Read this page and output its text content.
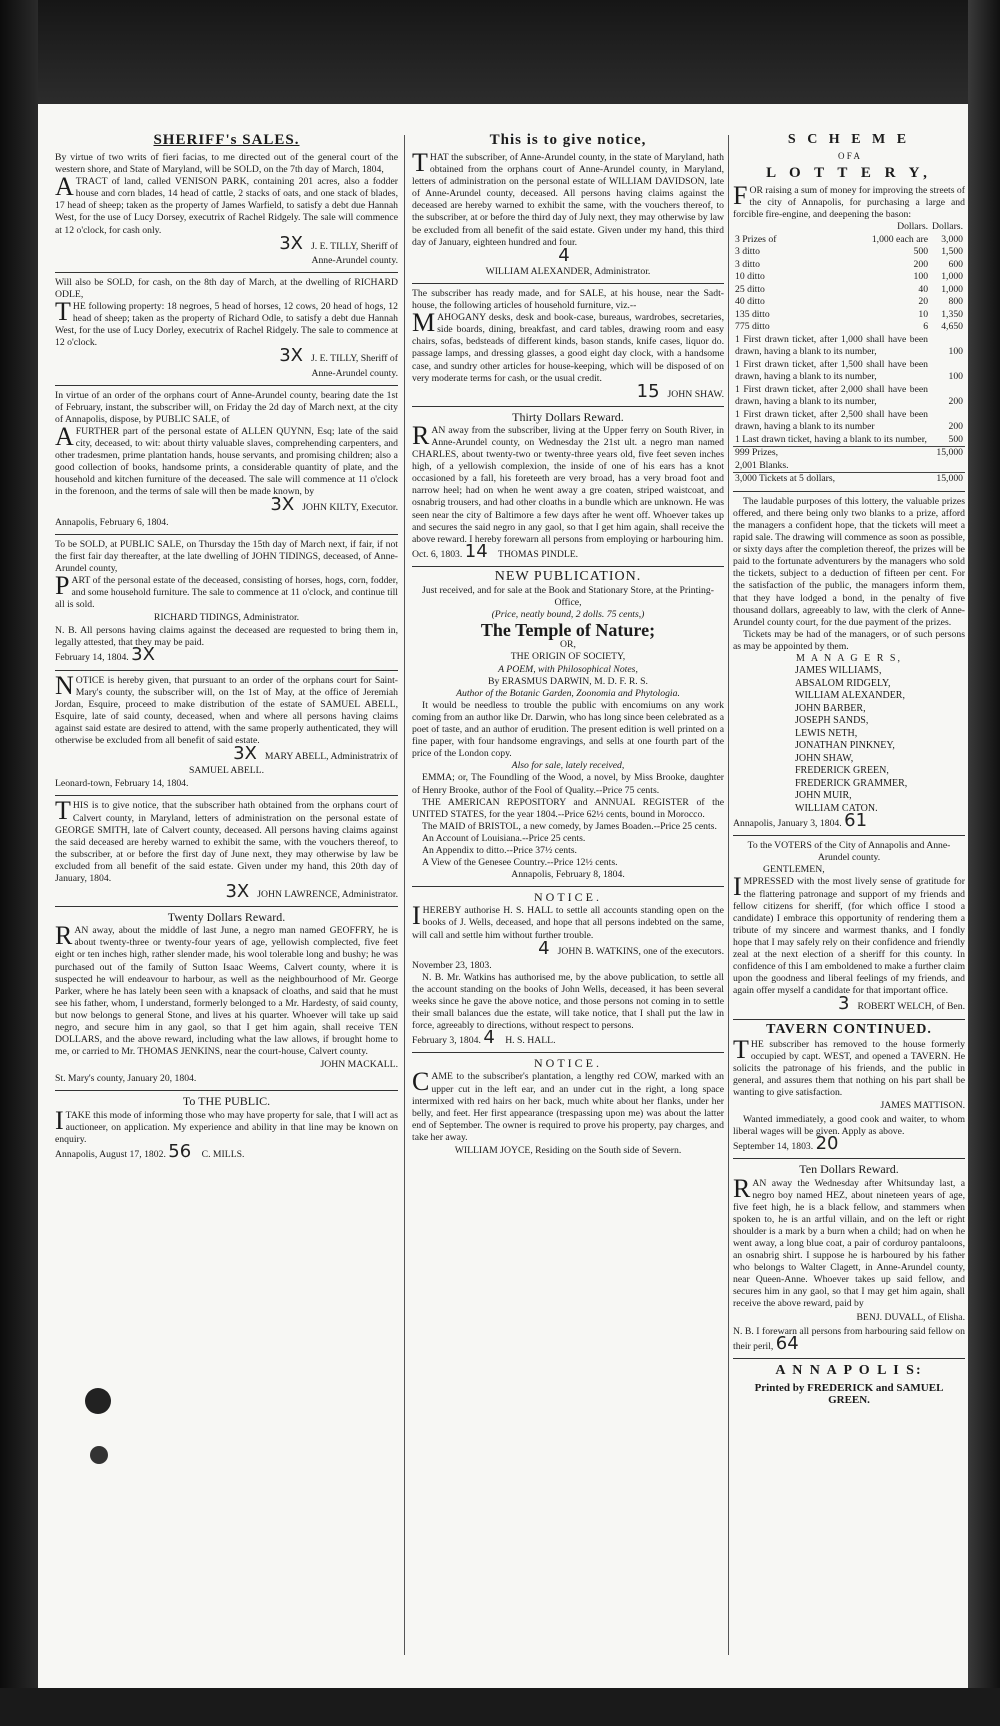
SHERIFF's SALES.

By virtue of two writs of fieri facias, to me directed out of the general court of the western shore, and State of Maryland, will be SOLD, on the 7th day of March, 1804,

ATRACT of land, called VENISON PARK, containing 201 acres, also a fodder house and corn blades, 14 head of cattle, 2 stacks of oats, and one stack of blades, 17 head of sheep; taken as the property of James Warfield, to satisfy a debt due Hannah West, for the use of Lucy Dorsey, executrix of Rachel Ridgely. The sale will commence at 12 o'clock, for cash only.

3X J. E. TILLY, Sheriff of
Anne-Arundel county.

Will also be SOLD, for cash, on the 8th day of March, at the dwelling of RICHARD ODLE,

THE following property: 18 negroes, 5 head of horses, 12 cows, 20 head of hogs, 12 head of sheep; taken as the property of Richard Odle, to satisfy a debt due Hannah West, for the use of Lucy Dorley, executrix of Rachel Ridgely. The sale to commence at 12 o'clock.

3X J. E. TILLY, Sheriff of
Anne-Arundel county.

In virtue of an order of the orphans court of Anne-Arundel county, bearing date the 1st of February, instant, the subscriber will, on Friday the 2d day of March next, at the city of Annapolis, dispose, by PUBLIC SALE, of

AFURTHER part of the personal estate of ALLEN QUYNN, Esq; late of the said city, deceased, to wit: about thirty valuable slaves, comprehending carpenters, and other tradesmen, prime plantation hands, house servants, and promising children; also a good collection of books, handsome prints, a considerable quantity of plate, and the household and kitchen furniture of the deceased. The sale will commence at 11 o'clock in the forenoon, and the terms of sale will then be made known, by

3X JOHN KILTY, Executor.

Annapolis, February 6, 1804.

To be SOLD, at PUBLIC SALE, on Thursday the 15th day of March next, if fair, if not the first fair day thereafter, at the late dwelling of JOHN TIDINGS, deceased, of Anne-Arundel county,

PART of the personal estate of the deceased, consisting of horses, hogs, corn, fodder, and some household furniture. The sale to commence at 11 o'clock, and continue till all is sold.

RICHARD TIDINGS, Administrator.

N. B. All persons having claims against the deceased are requested to bring them in, legally attested, that they may be paid.

February 14, 1804. 3X

NOTICE is hereby given, that pursuant to an order of the orphans court for Saint-Mary's county, the subscriber will, on the 1st of May, at the office of Jeremiah Jordan, Esquire, proceed to make distribution of the estate of SAMUEL ABELL, Esquire, late of said county, deceased, when and where all persons having claims against said estate are desired to attend, with the same properly authenticated, they will otherwise be excluded from all benefit of said estate.

3X MARY ABELL, Administratrix of
SAMUEL ABELL.

Leonard-town, February 14, 1804.

THIS is to give notice, that the subscriber hath obtained from the orphans court of Calvert county, in Maryland, letters of administration on the personal estate of GEORGE SMITH, late of Calvert county, deceased. All persons having claims against the said deceased are hereby warned to exhibit the same, with the vouchers thereof, to the subscriber, at or before the first day of June next, they may otherwise by law be excluded from all benefit of the said estate. Given under my hand, this 20th day of January, 1804.

3X JOHN LAWRENCE, Administrator.
Twenty Dollars Reward.

RAN away, about the middle of last June, a negro man named GEOFFRY, he is about twenty-three or twenty-four years of age, yellowish complected, five feet eight or ten inches high, rather slender made, his wool tolerable long and bushy; he was purchased out of the family of Sutton Isaac Weems, Calvert county, where it is suspected he will endeavour to harbour, as well as the neighbourhood of Mr. George Parker, where he has lately been seen with a knapsack of cloaths, and said that he must see his father, whom, I understand, formerly belonged to a Mr. Hardesty, of said county, but now belongs to general Stone, and lives at his quarter. Whoever will take up said negro, and secure him in any gaol, so that I get him again, shall receive TEN DOLLARS, and the above reward, including what the law allows, if brought home to me, or carried to Mr. THOMAS JENKINS, near the court-house, Calvert county.

JOHN MACKALL.

St. Mary's county, January 20, 1804.

To THE PUBLIC.

ITAKE this mode of informing those who may have property for sale, that I will act as auctioneer, on application. My experience and ability in that line may be known on enquiry.

Annapolis, August 17, 1802. 56 C. MILLS.

This is to give notice,

THAT the subscriber, of Anne-Arundel county, in the state of Maryland, hath obtained from the orphans court of Anne-Arundel county, in Maryland, letters of administration on the personal estate of WILLIAM DAVIDSON, late of Anne-Arundel county, deceased. All persons having claims against the deceased are hereby warned to exhibit the same, with the vouchers thereof, to the subscriber, at or before the third day of July next, they may otherwise by law be excluded from all benefit of the said estate. Given under my hand, this third day of January, eighteen hundred and four.

4
WILLIAM ALEXANDER, Administrator.

The subscriber has ready made, and for SALE, at his house, near the Sadt-house, the following articles of household furniture, viz.--

MAHOGANY desks, desk and book-case, bureaus, wardrobes, secretaries, side boards, dining, breakfast, and card tables, drawing room and easy chairs, sofas, bedsteads of different kinds, bason stands, knife cases, liquor do. passage lamps, and dressing glasses, a good eight day clock, with a handsome case, and sundry other articles for house-keeping, which will be disposed of on very moderate terms for cash, or the usual credit.

15 JOHN SHAW.
Thirty Dollars Reward.

RAN away from the subscriber, living at the Upper ferry on South River, in Anne-Arundel county, on Wednesday the 21st ult. a negro man named CHARLES, about twenty-two or twenty-three years old, five feet seven inches high, of a yellowish complexion, the inside of one of his ears has a knot occasioned by a fall, his foreteeth are very broad, has a very broad foot and narrow heel; had on when he went away a gre coaten, striped waistcoat, and osnabrig trousers, and had other cloaths in a bundle which are unknown. He was seen near the city of Baltimore a few days after he went off. Whoever takes up and secures the said negro in any gaol, so that I get him again, shall receive the above reward. I hereby forewarn all persons from employing or harbouring him.

Oct. 6, 1803. 14 THOMAS PINDLE.

NEW PUBLICATION.

Just received, and for sale at the Book and Stationary Store, at the Printing-Office,

(Price, neatly bound, 2 dolls. 75 cents,)

The Temple of Nature;

OR,

THE ORIGIN OF SOCIETY,

A POEM, with Philosophical Notes,

By ERASMUS DARWIN, M. D. F. R. S.

Author of the Botanic Garden, Zoonomia and Phytologia.

It would be needless to trouble the public with encomiums on any work coming from an author like Dr. Darwin, who has long since been celebrated as a poet of taste, and an author of erudition. The present edition is well printed on a fine paper, with four handsome engravings, and sells at one fourth part of the price of the London copy.

Also for sale, lately received,

EMMA; or, The Foundling of the Wood, a novel, by Miss Brooke, daughter of Henry Brooke, author of the Fool of Quality.--Price 75 cents.

THE AMERICAN REPOSITORY and ANNUAL REGISTER of the UNITED STATES, for the year 1804.--Price 62½ cents, bound in Morocco.

The MAID of BRISTOL, a new comedy, by James Boaden.--Price 25 cents.

An Account of Louisiana.--Price 25 cents.

An Appendix to ditto.--Price 37½ cents.

A View of the Genesee Country.--Price 12½ cents.

Annapolis, February 8, 1804.

NOTICE.

IHEREBY authorise H. S. HALL to settle all accounts standing open on the books of J. Wells, deceased, and hope that all persons indebted on the same, will call and settle him without further trouble.

4 JOHN B. WATKINS, one of the executors.

November 23, 1803.

N. B. Mr. Watkins has authorised me, by the above publication, to settle all the account standing on the books of John Wells, deceased, it has been several weeks since he gave the above notice, and those persons not coming in to settle their small balances due the estate, will take notice, that I shall put the law in force, agreeably to directions, without respect to persons.

February 3, 1804. 4 H. S. HALL.

NOTICE.

CAME to the subscriber's plantation, a lengthy red COW, marked with an upper cut in the left ear, and an under cut in the right, a long space intermixed with red hairs on her back, much white about her flanks, under her belly, and feet. Her first appearance (trespassing upon me) was about the latter end of September. The owner is required to prove his property, pay charges, and take her away.

WILLIAM JOYCE, Residing on the South side of Severn.
S C H E M E
O F A
L O T T E R Y,

FOR raising a sum of money for improving the streets of the city of Annapolis, for purchasing a large and forcible fire-engine, and deepening the bason:

	Dollars.	Dollars.
3 Prizes of	1,000 each are	3,000
3 ditto	500	1,500
3 ditto	200	600
10 ditto	100	1,000
25 ditto	40	1,000
40 ditto	20	800
135 ditto	10	1,350
775 ditto	6	4,650
1 First drawn ticket, after 1,000 shall have been drawn, having a blank to its number,		100
1 First drawn ticket, after 1,500 shall have been drawn, having a blank to its number,		100
1 First drawn ticket, after 2,000 shall have been drawn, having a blank to its number,		200
1 First drawn ticket, after 2,500 shall have been drawn, having a blank to its number		200
1 Last drawn ticket, having a blank to its number,		500
999 Prizes,		15,000
2,001 Blanks.		
3,000 Tickets at 5 dollars,		15,000

The laudable purposes of this lottery, the valuable prizes offered, and there being only two blanks to a prize, afford the managers a confident hope, that the tickets will meet a rapid sale. The drawing will commence as soon as possible, or sixty days after the completion thereof, the prizes will be paid to the fortunate adventurers by the managers who sold the tickets, subject to a deduction of fifteen per cent. For the satisfaction of the public, the managers inform them, that they have lodged a bond, in the penalty of five thousand dollars, agreeably to law, with the clerk of Anne-Arundel county court, for the due payment of the prizes.

Tickets may be had of the managers, or of such persons as may be appointed by them.

M A N A G E R S,
JAMES WILLIAMS,
ABSALOM RIDGELY,
WILLIAM ALEXANDER,
JOHN BARBER,
JOSEPH SANDS,
LEWIS NETH,
JONATHAN PINKNEY,
JOHN SHAW,
FREDERICK GREEN,
FREDERICK GRAMMER,
JOHN MUIR,
WILLIAM CATON.

Annapolis, January 3, 1804. 61

To the VOTERS of the City of Annapolis and Anne-Arundel county.

GENTLEMEN,

IMPRESSED with the most lively sense of gratitude for the flattering patronage and support of my friends and fellow citizens for sheriff, (for which office I stood a candidate) I embrace this opportunity of rendering them a tribute of my sincere and warmest thanks, and I fondly hope that I may safely rely on their confidence and friendly zeal at the next election of a sheriff for this county. In confidence of this I am emboldened to make a further claim upon the goodness and liberal feelings of my friends, and again offer myself a candidate for that important office.

3 ROBERT WELCH, of Ben.
TAVERN CONTINUED.

THE subscriber has removed to the house formerly occupied by capt. WEST, and opened a TAVERN. He solicits the patronage of his friends, and the public in general, and assures them that nothing on his part shall be wanting to give satisfaction.

JAMES MATTISON.

Wanted immediately, a good cook and waiter, to whom liberal wages will be given. Apply as above.

September 14, 1803. 20

Ten Dollars Reward.

RAN away the Wednesday after Whitsunday last, a negro boy named HEZ, about nineteen years of age, five feet high, he is a black fellow, and stammers when spoken to, he is an artful villain, and on the left or right shoulder is a mark by a burn when a child; had on when he went away, a long blue coat, a pair of corduroy pantaloons, an osnabrig shirt. I suppose he is harboured by his father who belongs to Walter Clagett, in Anne-Arundel county, near Queen-Anne. Whoever takes up said fellow, and secures him in any gaol, so that I may get him again, shall receive the above reward, paid by

BENJ. DUVALL, of Elisha.

N. B. I forewarn all persons from harbouring said fellow on their peril, 64

A N N A P O L I S:
Printed by FREDERICK and SAMUEL GREEN.
